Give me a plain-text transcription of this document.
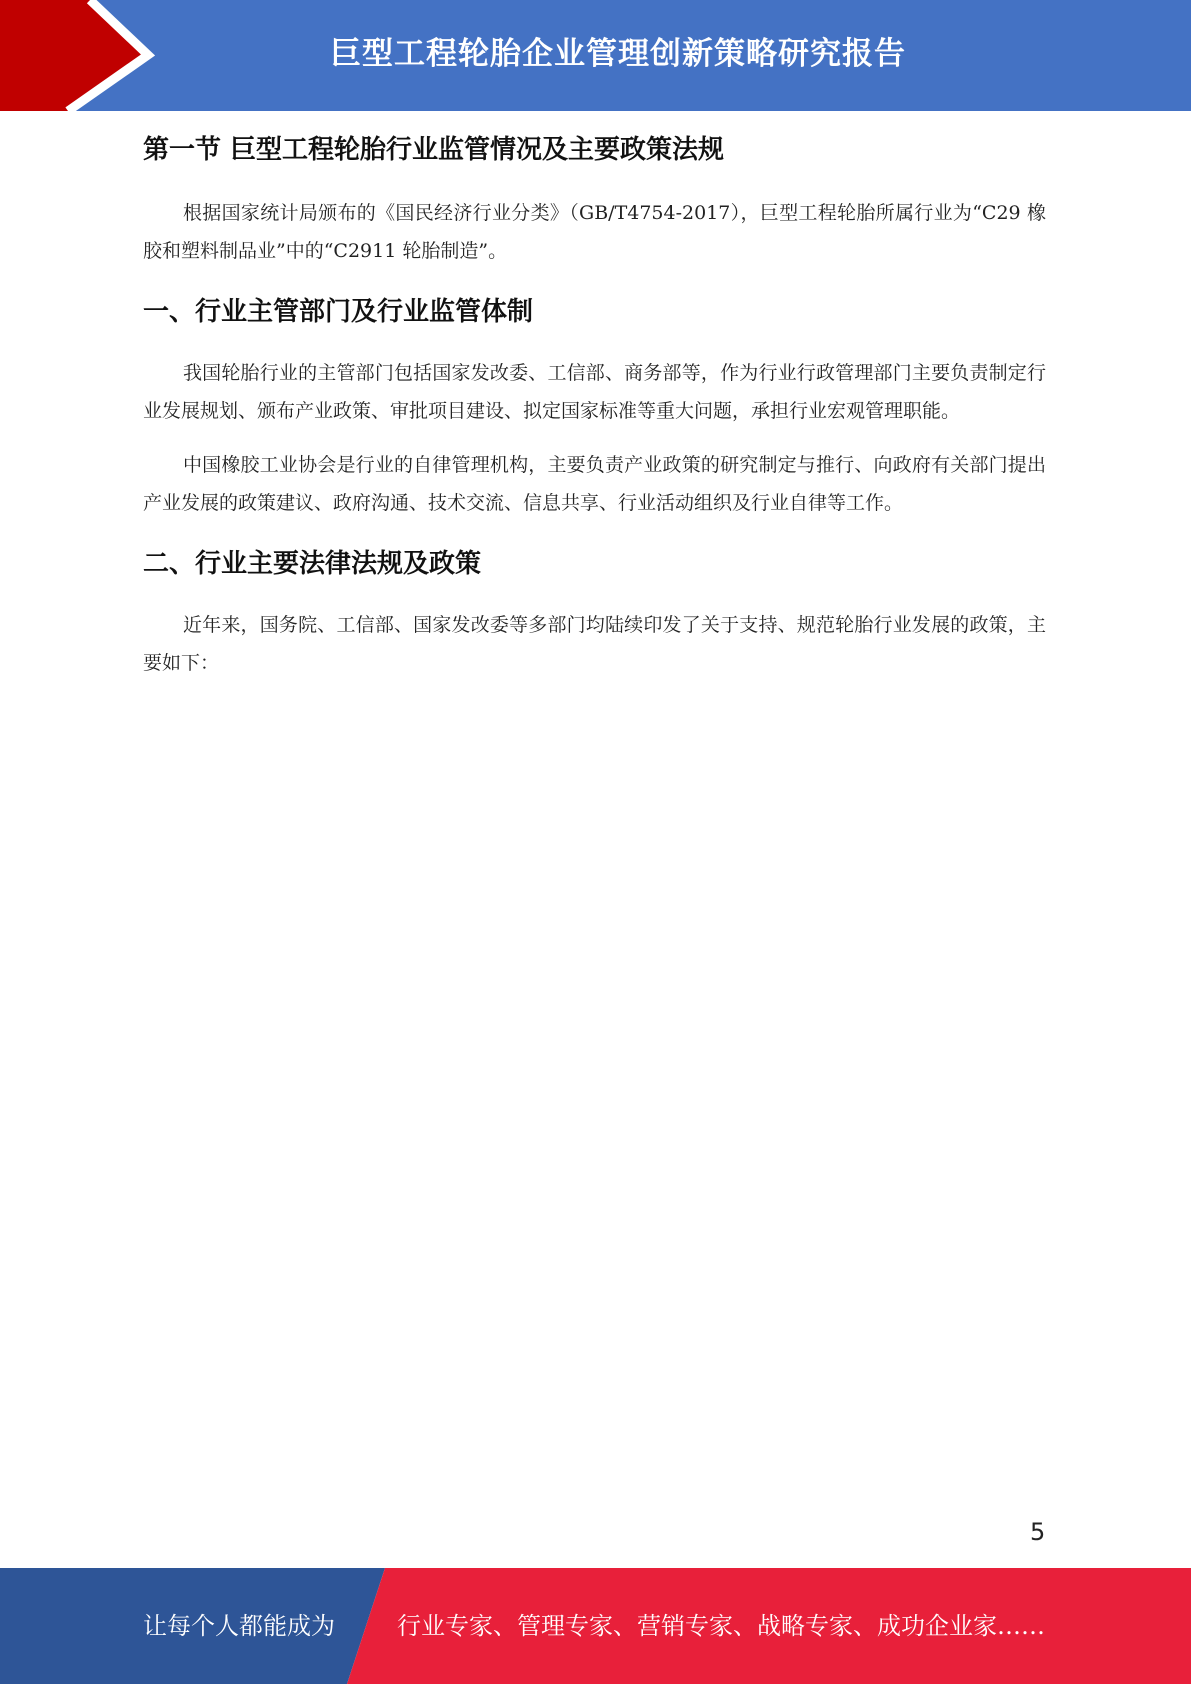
巨型工程轮胎企业管理创新策略研究报告
第一节 巨型工程轮胎行业监管情况及主要政策法规

根据国家统计局颁布的《国民经济行业分类》（GB/T4754-2017），巨型工程轮胎所属行业为“C29 橡胶和塑料制品业”中的“C2911 轮胎制造”。

一、行业主管部门及行业监管体制

我国轮胎行业的主管部门包括国家发改委、工信部、商务部等，作为行业行政管理部门主要负责制定行业发展规划、颁布产业政策、审批项目建设、拟定国家标准等重大问题，承担行业宏观管理职能。

中国橡胶工业协会是行业的自律管理机构，主要负责产业政策的研究制定与推行、向政府有关部门提出产业发展的政策建议、政府沟通、技术交流、信息共享、行业活动组织及行业自律等工作。

二、行业主要法律法规及政策

近年来，国务院、工信部、国家发改委等多部门均陆续印发了关于支持、规范轮胎行业发展的政策，主要如下：

5
让每个人都能成为	行业专家、管理专家、营销专家、战略专家、成功企业家……
